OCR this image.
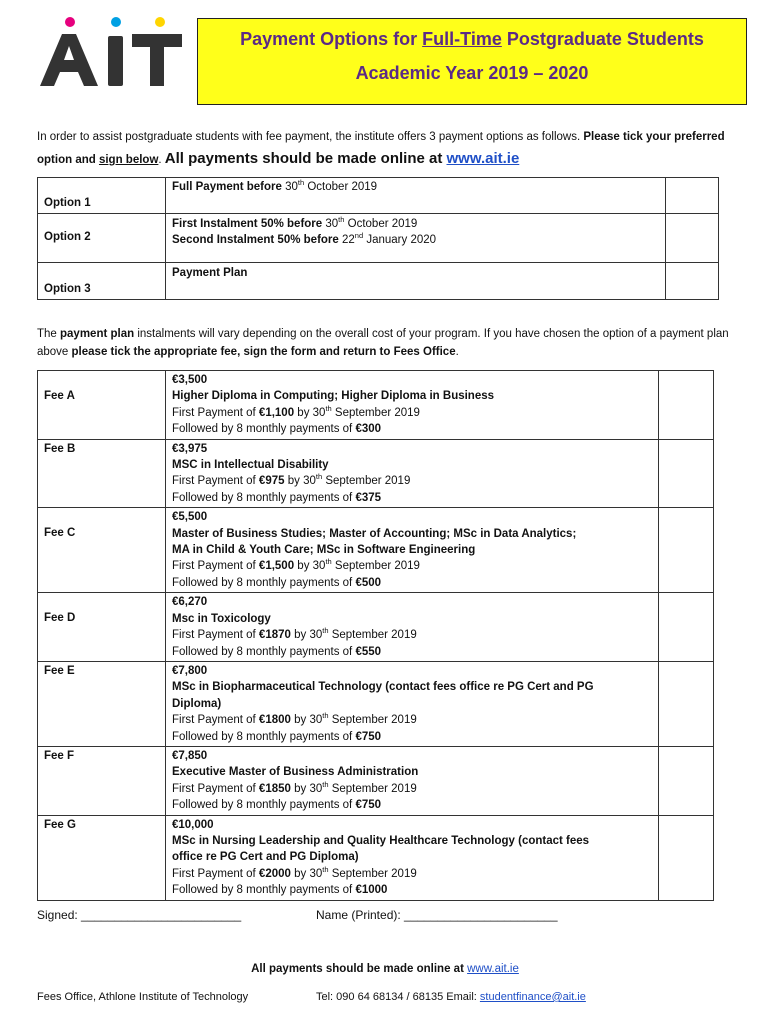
Payment Options for Full-Time Postgraduate Students
Academic Year 2019 – 2020
In order to assist postgraduate students with fee payment, the institute offers 3 payment options as follows. Please tick your preferred option and sign below. All payments should be made online at www.ait.ie
Option 1	Full Payment before 30th October 2019	
Option 2	First Instalment 50% before 30th October 2019
Second Instalment 50% before 22nd January 2020	
Option 3	Payment Plan	
The payment plan instalments will vary depending on the overall cost of your program. If you have chosen the option of a payment plan above please tick the appropriate fee, sign the form and return to Fees Office.
Fee A	€3,500
Higher Diploma in Computing; Higher Diploma in Business
First Payment of €1,100 by 30th September 2019
Followed by 8 monthly payments of €300	

Fee B	€3,975
MSC in Intellectual Disability
First Payment of €975 by 30th September 2019
Followed by 8 monthly payments of €375	

Fee C	€5,500
Master of Business Studies; Master of Accounting; MSc in Data Analytics;
MA in Child & Youth Care; MSc in Software Engineering
First Payment of €1,500 by 30th September 2019
Followed by 8 monthly payments of €500	

Fee D	€6,270
Msc in Toxicology
First Payment of €1870 by 30th September 2019
Followed by 8 monthly payments of €550	

Fee E	€7,800
MSc in Biopharmaceutical Technology (contact fees office re PG Cert and PG
Diploma)
First Payment of €1800 by 30th September 2019
Followed by 8 monthly payments of €750	

Fee F	€7,850
Executive Master of Business Administration
First Payment of €1850 by 30th September 2019
Followed by 8 monthly payments of €750	

Fee G	€10,000
MSc in Nursing Leadership and Quality Healthcare Technology (contact fees
office re PG Cert and PG Diploma)
First Payment of €2000 by 30th September 2019
Followed by 8 monthly payments of €1000	

Signed: ________________________	Name (Printed): _______________________
All payments should be made online at www.ait.ie
Fees Office, Athlone Institute of Technology	Tel: 090 64 68134 / 68135 Email: studentfinance@ait.ie
